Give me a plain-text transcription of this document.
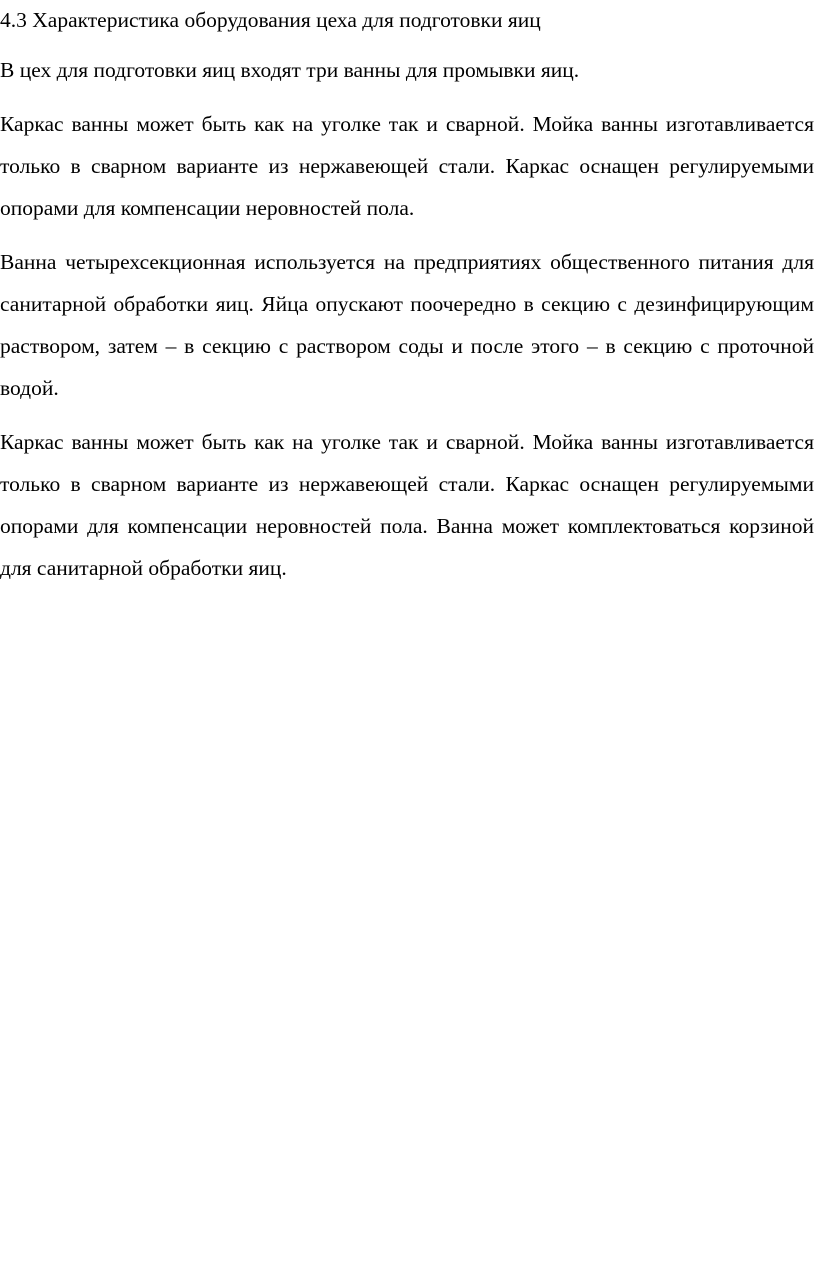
4.3 Характеристика оборудования цеха для подготовки яиц

В цех для подготовки яиц входят три ванны для промывки яиц.

Каркас ванны может быть как на уголке так и сварной. Мойка ванны изготавливается только в сварном варианте из нержавеющей стали. Каркас оснащен регулируемыми опорами для компенсации неровностей пола.

Ванна четырехсекционная используется на предприятиях общественного питания для санитарной обработки яиц. Яйца опускают поочередно в секцию с дезинфицирующим раствором, затем – в секцию с раствором соды и после этого – в секцию с проточной водой.

Каркас ванны может быть как на уголке так и сварной. Мойка ванны изготавливается только в сварном варианте из нержавеющей стали. Каркас оснащен регулируемыми опорами для компенсации неровностей пола. Ванна может комплектоваться корзиной для санитарной обработки яиц.
